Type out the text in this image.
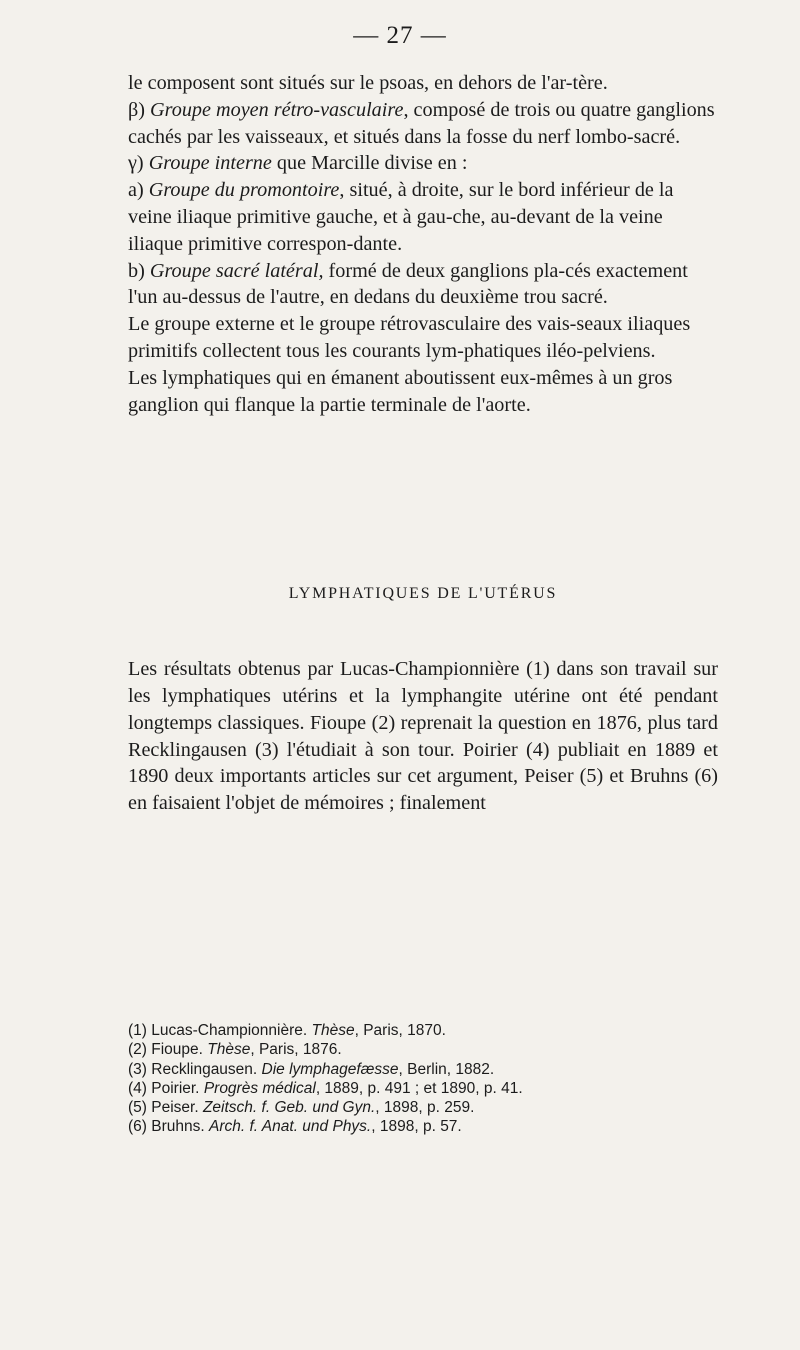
— 27 —

le composent sont situés sur le psoas, en dehors de l'ar-tère.

β) Groupe moyen rétro-vasculaire, composé de trois ou quatre ganglions cachés par les vaisseaux, et situés dans la fosse du nerf lombo-sacré.

γ) Groupe interne que Marcille divise en :

a) Groupe du promontoire, situé, à droite, sur le bord inférieur de la veine iliaque primitive gauche, et à gau-che, au-devant de la veine iliaque primitive correspon-dante.

b) Groupe sacré latéral, formé de deux ganglions pla-cés exactement l'un au-dessus de l'autre, en dedans du deuxième trou sacré.

Le groupe externe et le groupe rétrovasculaire des vais-seaux iliaques primitifs collectent tous les courants lym-phatiques iléo-pelviens.

Les lymphatiques qui en émanent aboutissent eux-mêmes à un gros ganglion qui flanque la partie terminale de l'aorte.

LYMPHATIQUES DE L'UTÉRUS

Les résultats obtenus par Lucas-Championnière (1) dans son travail sur les lymphatiques utérins et la lymphangite utérine ont été pendant longtemps classiques. Fioupe (2) reprenait la question en 1876, plus tard Recklingausen (3) l'étudiait à son tour. Poirier (4) publiait en 1889 et 1890 deux importants articles sur cet argument, Peiser (5) et Bruhns (6) en faisaient l'objet de mémoires ; finalement

(1) Lucas-Championnière. Thèse, Paris, 1870.
(2) Fioupe. Thèse, Paris, 1876.
(3) Recklingausen. Die lymphagefæsse, Berlin, 1882.
(4) Poirier. Progrès médical, 1889, p. 491 ; et 1890, p. 41.
(5) Peiser. Zeitsch. f. Geb. und Gyn., 1898, p. 259.
(6) Bruhns. Arch. f. Anat. und Phys., 1898, p. 57.
